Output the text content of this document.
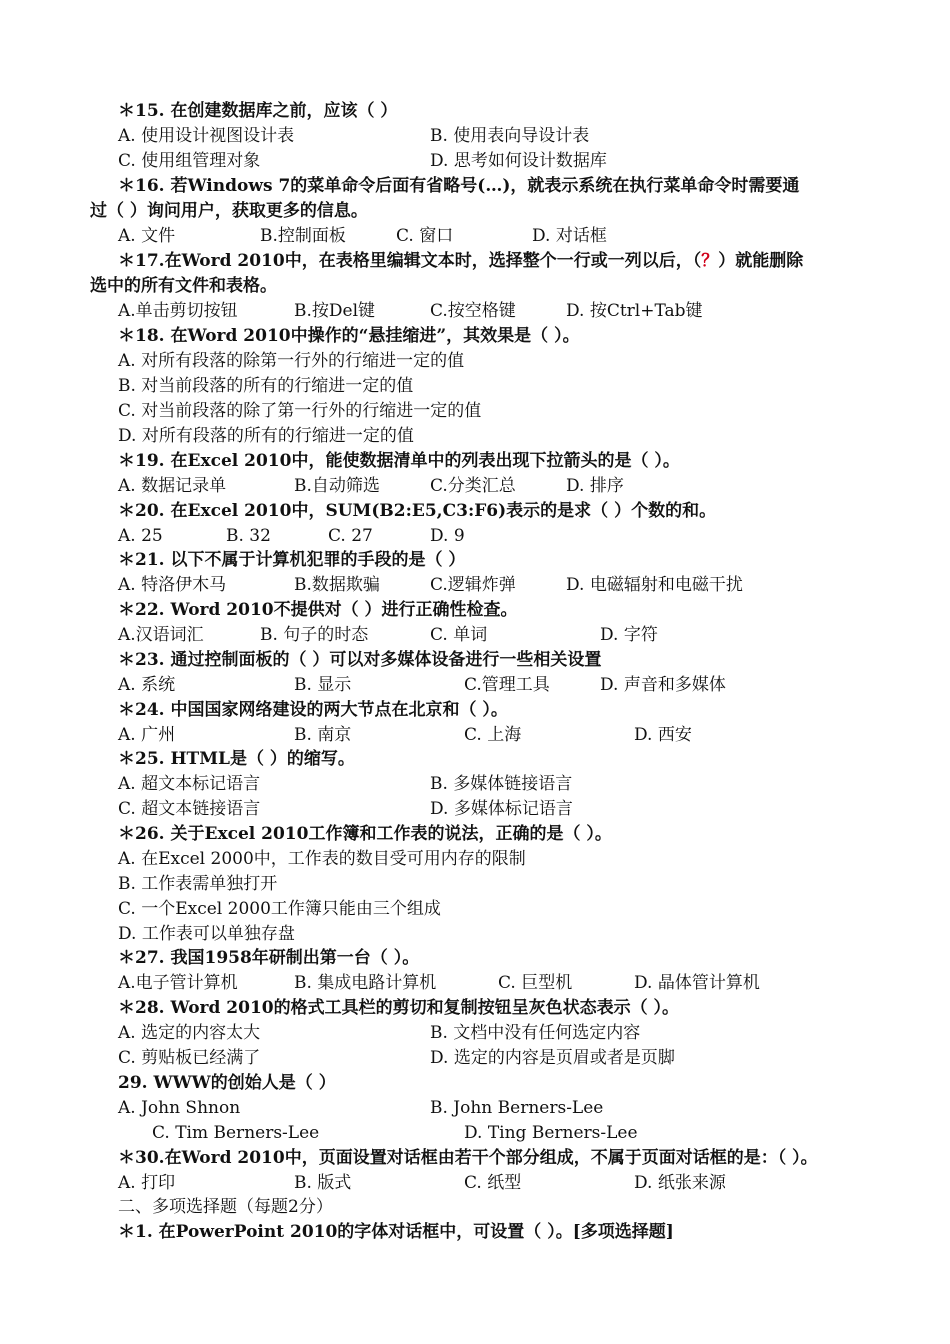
＊15. 在创建数据库之前，应该（ ）
A. 使用设计视图设计表	B. 使用表向导设计表
C. 使用组管理对象	D. 思考如何设计数据库
＊16. 若Windows 7的菜单命令后面有省略号(…)，就表示系统在执行菜单命令时需要通
过（ ）询问用户，获取更多的信息。
A. 文件	B.控制面板	C. 窗口	D. 对话框
＊17.在Word 2010中，在表格里编辑文本时，选择整个一行或一列以后，（？）就能删除
选中的所有文件和表格。
A.单击剪切按钮	B.按Del键	C.按空格键	D. 按Ctrl+Tab键
＊18. 在Word 2010中操作的“悬挂缩进”，其效果是（ ）。
A. 对所有段落的除第一行外的行缩进一定的值
B. 对当前段落的所有的行缩进一定的值
C. 对当前段落的除了第一行外的行缩进一定的值
D. 对所有段落的所有的行缩进一定的值
＊19. 在Excel 2010中，能使数据清单中的列表出现下拉箭头的是（ ）。
A. 数据记录单	B.自动筛选	C.分类汇总	D. 排序
＊20. 在Excel 2010中，SUM(B2:E5,C3:F6)表示的是求（ ）个数的和。
A. 25	B. 32	C. 27	D. 9
＊21. 以下不属于计算机犯罪的手段的是（ ）
A. 特洛伊木马	B.数据欺骗	C.逻辑炸弹	D. 电磁辐射和电磁干扰
＊22. Word 2010不提供对（ ）进行正确性检查。
A.汉语词汇	B. 句子的时态	C. 单词	D. 字符
＊23. 通过控制面板的（ ）可以对多媒体设备进行一些相关设置
A. 系统	B. 显示	C.管理工具	D. 声音和多媒体
＊24. 中国国家网络建设的两大节点在北京和（ ）。
A. 广州	B. 南京	C. 上海	D. 西安
＊25. HTML是（ ）的缩写。
A. 超文本标记语言	B. 多媒体链接语言
C. 超文本链接语言	D. 多媒体标记语言
＊26. 关于Excel 2010工作簿和工作表的说法，正确的是（ ）。
A. 在Excel 2000中，工作表的数目受可用内存的限制
B. 工作表需单独打开
C. 一个Excel 2000工作簿只能由三个组成
D. 工作表可以单独存盘
＊27. 我国1958年研制出第一台（ ）。
A.电子管计算机	B. 集成电路计算机	C. 巨型机	D. 晶体管计算机
＊28. Word 2010的格式工具栏的剪切和复制按钮呈灰色状态表示（ ）。
A. 选定的内容太大	B. 文档中没有任何选定内容
C. 剪贴板已经满了	D. 选定的内容是页眉或者是页脚
29. WWW的创始人是（ ）
A. John Shnon	B. John Berners-Lee
C. Tim Berners-Lee	D. Ting Berners-Lee
＊30.在Word 2010中，页面设置对话框由若干个部分组成，不属于页面对话框的是：（ ）。
A. 打印	B. 版式	C. 纸型	D. 纸张来源
二、多项选择题（每题2分）
＊1. 在PowerPoint 2010的字体对话框中，可设置（ ）。[多项选择题]
